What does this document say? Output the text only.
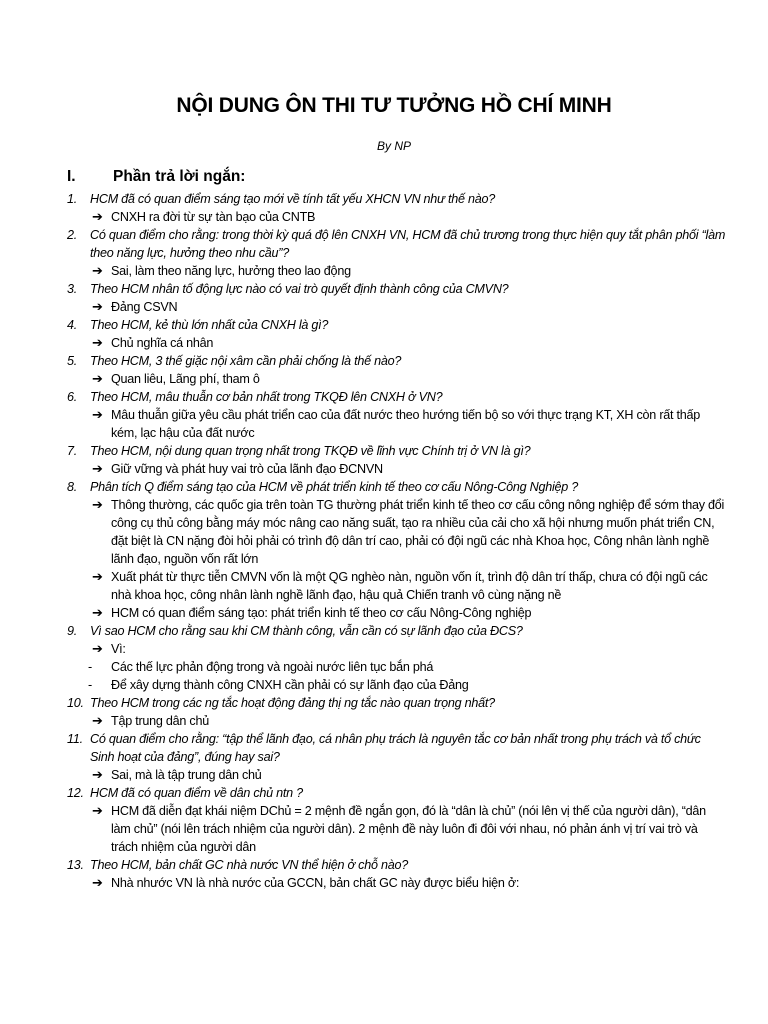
NỘI DUNG ÔN THI TƯ TƯỞNG HỒ CHÍ MINH
By NP
I. Phần trả lời ngắn:
1. HCM đã có quan điểm sáng tạo mới về tính tất yếu XHCN VN như thế nào?
➔ CNXH ra đời từ sự tàn bạo của CNTB
2. Có quan điểm cho rằng: trong thời kỳ quá độ lên CNXH VN, HCM đã chủ trương trong thực hiện quy tắt phân phối “làm theo năng lực, hưởng theo nhu cầu”?
➔ Sai, làm theo năng lực, hưởng theo lao động
3. Theo HCM nhân tố động lực nào có vai trò quyết định thành công của CMVN?
➔ Đảng CSVN
4. Theo HCM, kẻ thù lớn nhất của CNXH là gì?
➔ Chủ nghĩa cá nhân
5. Theo HCM, 3 thế giặc nội xâm cần phải chống là thế nào?
➔ Quan liêu, Lãng phí, tham ô
6. Theo HCM, mâu thuẫn cơ bản nhất trong TKQĐ lên CNXH ở VN?
➔ Mâu thuẫn giữa yêu cầu phát triển cao của đất nước theo hướng tiến bộ so với thực trạng KT, XH còn rất thấp kém, lạc hậu của đất nước
7. Theo HCM, nội dung quan trọng nhất trong TKQĐ về lĩnh vực Chính trị ở VN là gì?
➔ Giữ vững và phát huy vai trò của lãnh đạo ĐCNVN
8. Phân tích Q điểm sáng tạo của HCM về phát triển kinh tế theo cơ cấu Nông-Công Nghiệp ?
➔ Thông thường, các quốc gia trên toàn TG thường phát triển kinh tế theo cơ cấu công nông nghiệp để sớm thay đổi công cụ thủ công bằng máy móc nâng cao năng suất, tạo ra nhiều của cải cho xã hội nhưng muốn phát triển CN, đặt biệt là CN nặng đòi hỏi phải có trình độ dân trí cao, phải có đội ngũ các nhà Khoa học, Công nhân lành nghề lãnh đạo, nguồn vốn rất lớn
➔ Xuất phát từ thực tiễn CMVN vốn là một QG nghèo nàn, nguồn vốn ít, trình độ dân trí thấp, chưa có đội ngũ các nhà khoa học, công nhân lành nghề lãnh đạo, hậu quả Chiến tranh vô cùng nặng nề
➔ HCM có quan điểm sáng tạo: phát triển kinh tế theo cơ cấu Nông-Công nghiệp
9. Vì sao HCM cho rằng sau khi CM thành công, vẫn cần có sự lãnh đạo của ĐCS?
➔ Vì:
- Các thế lực phản động trong và ngoài nước liên tục bắn phá
- Để xây dựng thành công CNXH cần phải có sự lãnh đạo của Đảng
10. Theo HCM trong các ng tắc hoạt động đảng thị ng tắc nào quan trọng nhất?
➔ Tập trung dân chủ
11. Có quan điểm cho rằng: “tập thể lãnh đạo, cá nhân phụ trách là nguyên tắc cơ bản nhất trong phụ trách và tổ chức Sinh hoạt của đảng”, đúng hay sai?
➔ Sai, mà là tập trung dân chủ
12. HCM đã có quan điểm về dân chủ ntn ?
➔ HCM đã diễn đạt khái niệm DChủ = 2 mệnh đề ngắn gọn, đó là “dân là chủ” (nói lên vị thế của người dân), “dân làm chủ” (nói lên trách nhiệm của người dân). 2 mệnh đề này luôn đi đôi với nhau, nó phản ánh vị trí vai trò và trách nhiệm của người dân
13. Theo HCM, bản chất GC nhà nước VN thể hiện ở chỗ nào?
➔ Nhà nhước VN là nhà nước của GCCN, bản chất GC này được biểu hiện ở:
